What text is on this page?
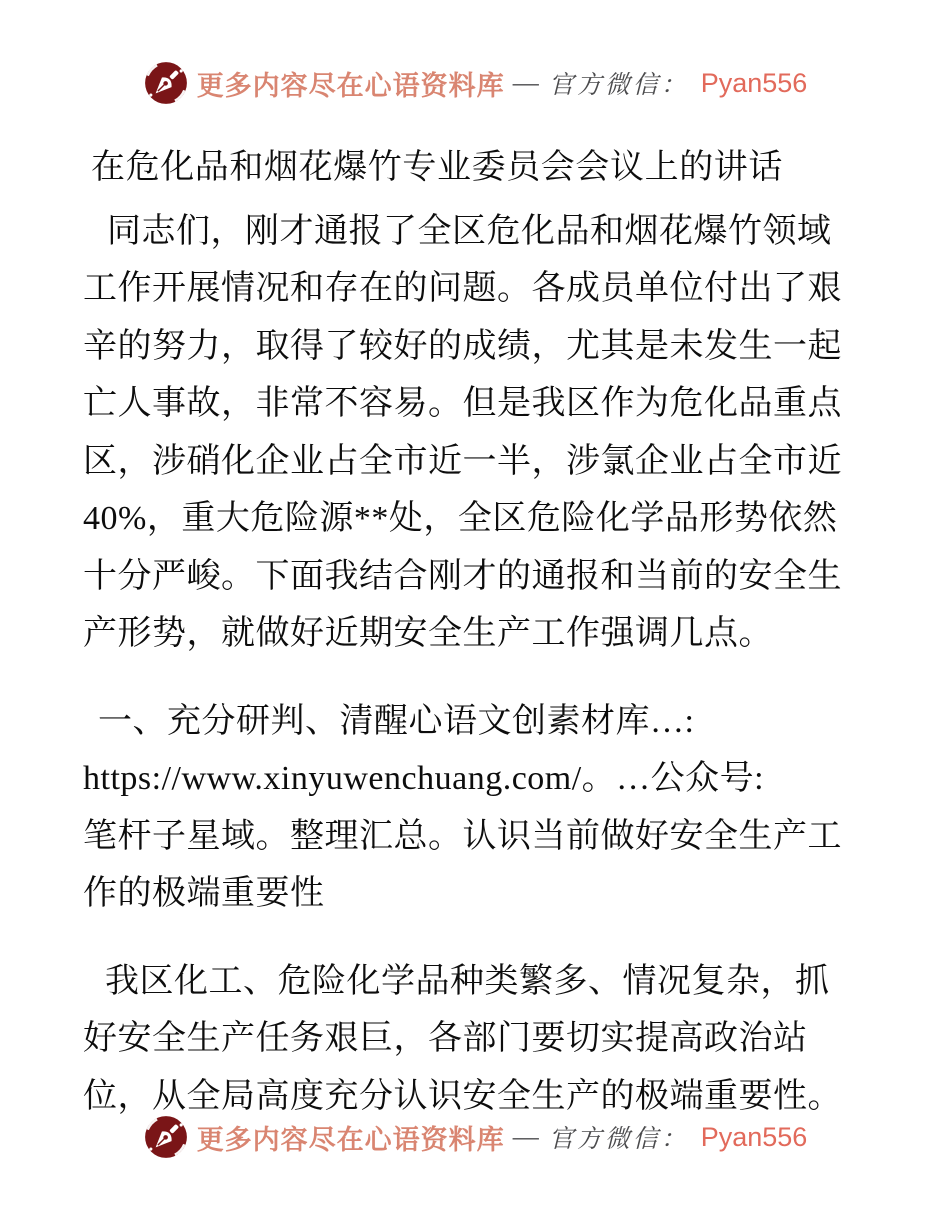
更多内容尽在心语资料库 — 官方微信： Pyan556
在危化品和烟花爆竹专业委员会会议上的讲话
同志们，刚才通报了全区危化品和烟花爆竹领域
工作开展情况和存在的问题。各成员单位付出了艰
辛的努力，取得了较好的成绩，尤其是未发生一起
亡人事故，非常不容易。但是我区作为危化品重点
区，涉硝化企业占全市近一半，涉氯企业占全市近
40%，重大危险源**处，全区危险化学品形势依然
十分严峻。下面我结合刚才的通报和当前的安全生
产形势，就做好近期安全生产工作强调几点。
一、充分研判、清醒心语文创素材库…:
https://www.xinyuwenchuang.com/。…公众号:
笔杆子星域。整理汇总。认识当前做好安全生产工
作的极端重要性
我区化工、危险化学品种类繁多、情况复杂，抓
好安全生产任务艰巨，各部门要切实提高政治站
位，从全局高度充分认识安全生产的极端重要性。
更多内容尽在心语资料库 — 官方微信： Pyan556
